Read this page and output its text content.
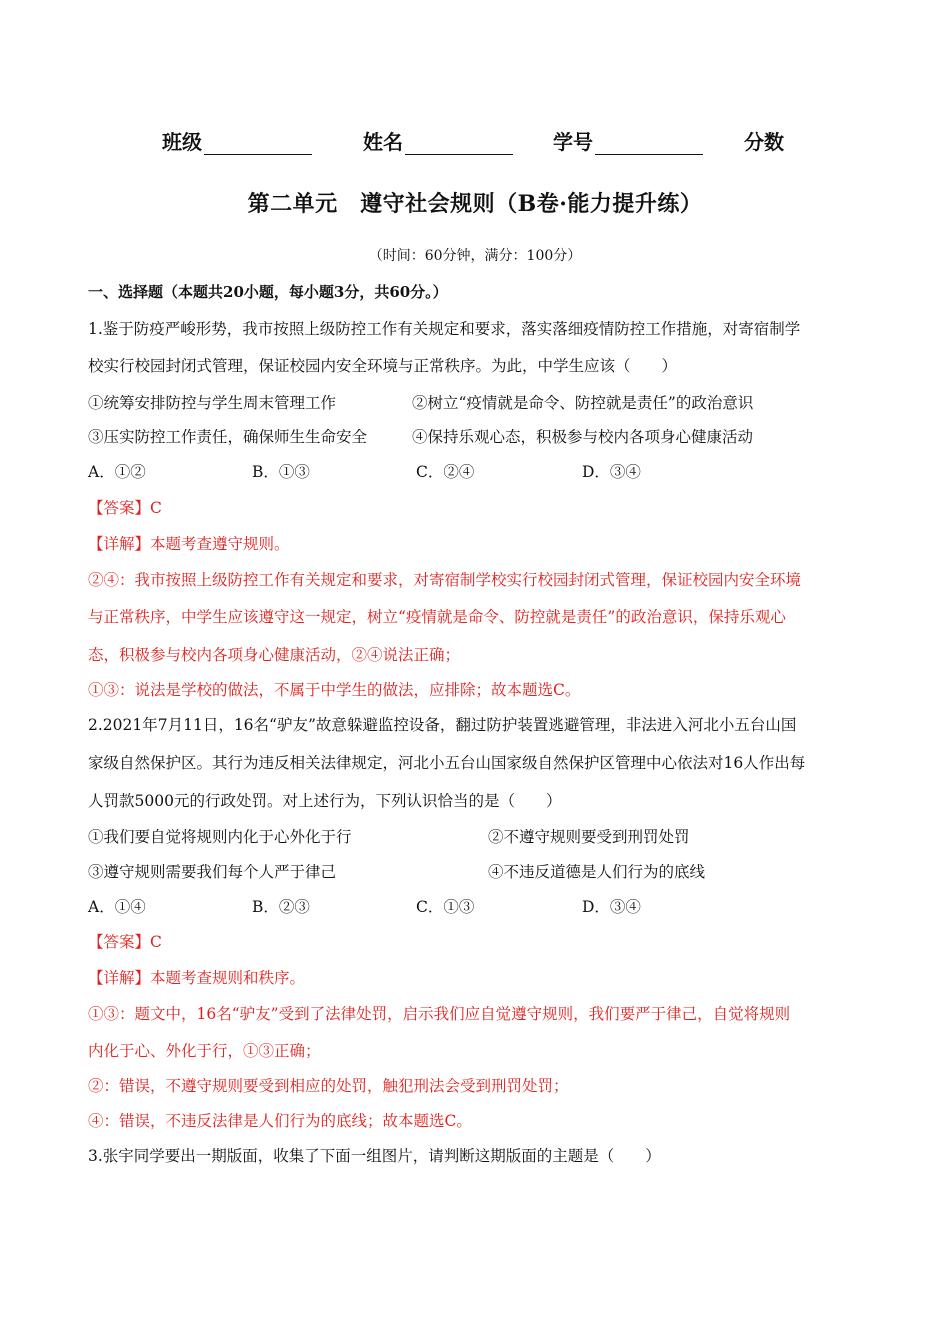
班级	姓名	学号	分数
第二单元　遵守社会规则（B卷·能力提升练）
（时间：60分钟，满分：100分）
一、选择题（本题共20小题，每小题3分，共60分。）
1.鉴于防疫严峻形势，我市按照上级防控工作有关规定和要求，落实落细疫情防控工作措施，对寄宿制学
校实行校园封闭式管理，保证校园内安全环境与正常秩序。为此，中学生应该（　　）
①统筹安排防控与学生周末管理工作	②树立“疫情就是命令、防控就是责任”的政治意识
③压实防控工作责任，确保师生生命安全	④保持乐观心态，积极参与校内各项身心健康活动
A．①②	B．①③	C．②④	D．③④
【答案】C
【详解】本题考查遵守规则。
②④：我市按照上级防控工作有关规定和要求，对寄宿制学校实行校园封闭式管理，保证校园内安全环境
与正常秩序，中学生应该遵守这一规定，树立“疫情就是命令、防控就是责任”的政治意识，保持乐观心
态，积极参与校内各项身心健康活动，②④说法正确；
①③：说法是学校的做法，不属于中学生的做法，应排除；故本题选C。
2.2021年7月11日，16名“驴友”故意躲避监控设备，翻过防护装置逃避管理，非法进入河北小五台山国
家级自然保护区。其行为违反相关法律规定，河北小五台山国家级自然保护区管理中心依法对16人作出每
人罚款5000元的行政处罚。对上述行为，下列认识恰当的是（　　）
①我们要自觉将规则内化于心外化于行	②不遵守规则要受到刑罚处罚
③遵守规则需要我们每个人严于律己	④不违反道德是人们行为的底线
A．①④	B．②③	C．①③	D．③④
【答案】C
【详解】本题考查规则和秩序。
①③：题文中，16名“驴友”受到了法律处罚，启示我们应自觉遵守规则，我们要严于律己，自觉将规则
内化于心、外化于行，①③正确；
②：错误，不遵守规则要受到相应的处罚，触犯刑法会受到刑罚处罚；
④：错误，不违反法律是人们行为的底线；故本题选C。
3.张宇同学要出一期版面，收集了下面一组图片，请判断这期版面的主题是（　　）
